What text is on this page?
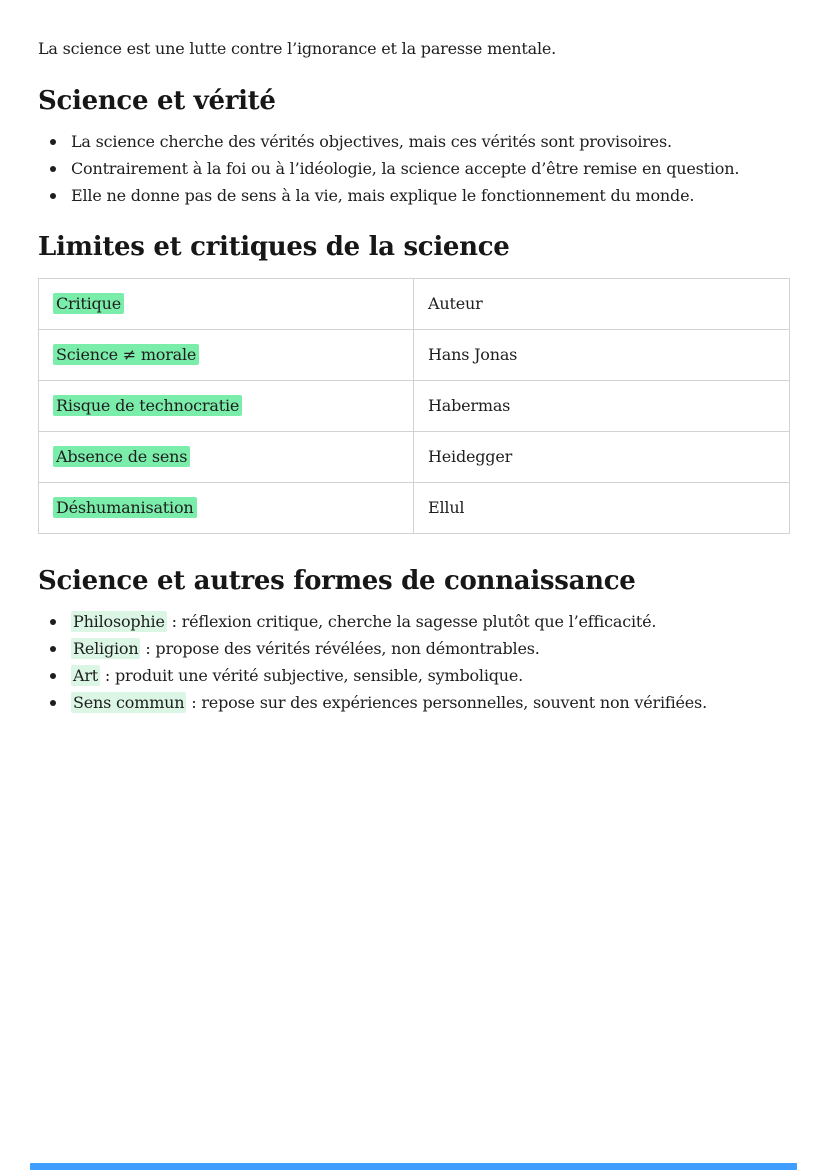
La science est une lutte contre l’ignorance et la paresse mentale.

Science et vérité
La science cherche des vérités objectives, mais ces vérités sont provisoires.
Contrairement à la foi ou à l’idéologie, la science accepte d’être remise en question.
Elle ne donne pas de sens à la vie, mais explique le fonctionnement du monde.
Limites et critiques de la science
Critique	Auteur
Science ≠ morale	Hans Jonas
Risque de technocratie	Habermas
Absence de sens	Heidegger
Déshumanisation	Ellul
Science et autres formes de connaissance
Philosophie : réflexion critique, cherche la sagesse plutôt que l’efficacité.
Religion : propose des vérités révélées, non démontrables.
Art : produit une vérité subjective, sensible, symbolique.
Sens commun : repose sur des expériences personnelles, souvent non vérifiées.
